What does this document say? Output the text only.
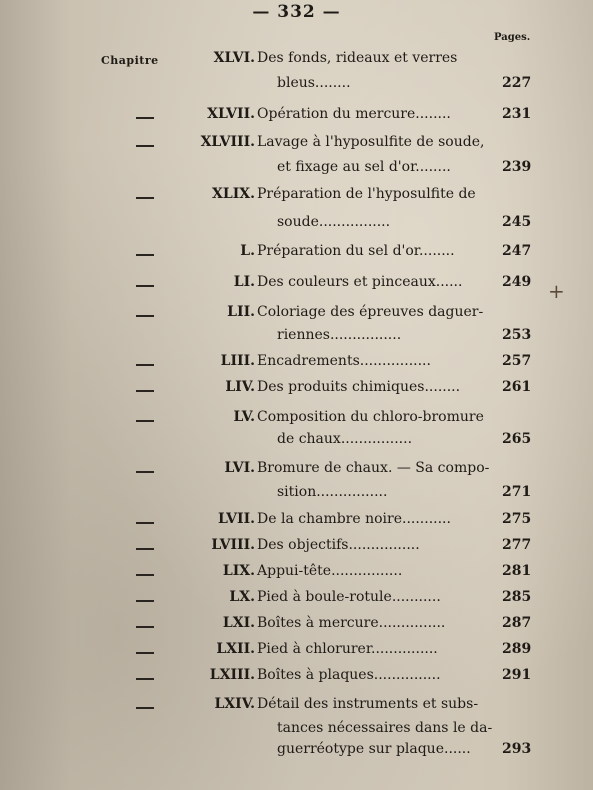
— 332 —
Pages.
Chapitre	XLVI. Des fonds, rideaux et verres
bleus........	227
XLVII. Opération du mercure........	231
XLVIII. Lavage à l'hyposulfite de soude,
et fixage au sel d'or........	239
XLIX. Préparation de l'hyposulfite de
soude................	245
L. Préparation du sel d'or........	247
LI. Des couleurs et pinceaux......	249
LII. Coloriage des épreuves daguer-
riennes................	253
LIII. Encadrements................	257
LIV. Des produits chimiques........	261
LV. Composition du chloro-bromure
de chaux................	265
LVI. Bromure de chaux. — Sa compo-
sition................	271
LVII. De la chambre noire...........	275
LVIII. Des objectifs................	277
LIX. Appui-tête................	281
LX. Pied à boule-rotule...........	285
LXI. Boîtes à mercure...............	287
LXII. Pied à chlorurer...............	289
LXIII. Boîtes à plaques...............	291
LXIV. Détail des instruments et subs-
tances nécessaires dans le da-
guerréotype sur plaque...... 293
+
